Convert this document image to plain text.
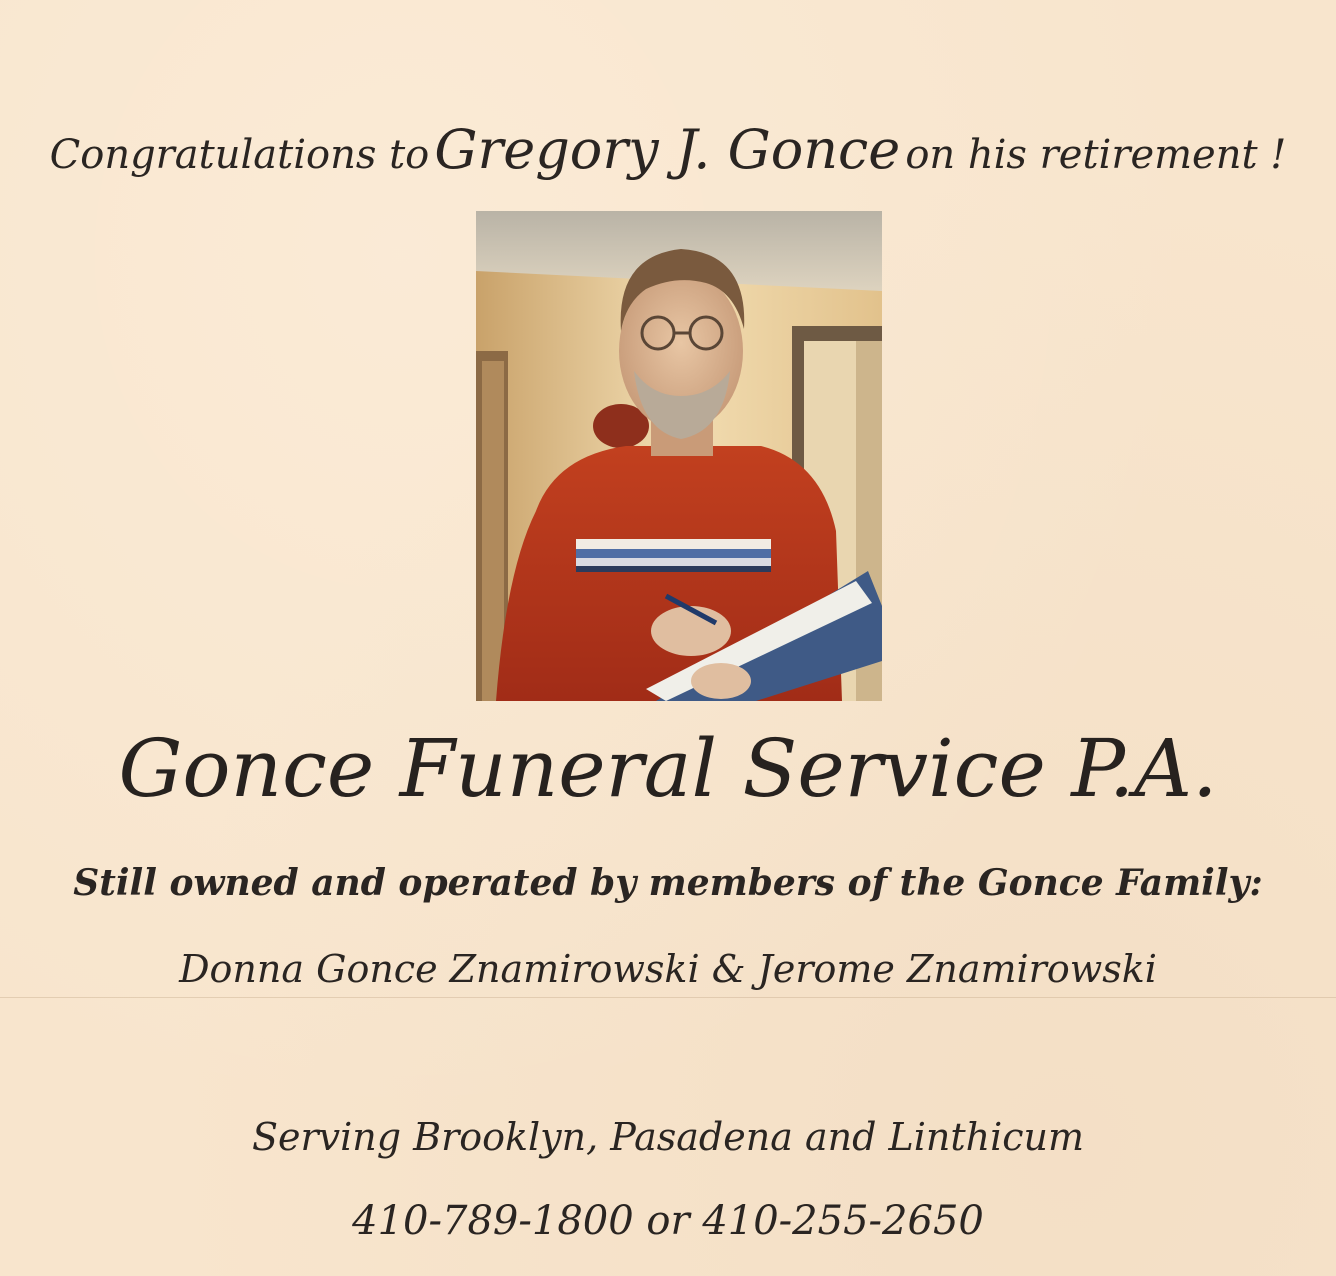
Congratulations to Gregory J. Gonce on his retirement !
Gonce Funeral Service P.A.
Still owned and operated by members of the Gonce Family:
Donna Gonce Znamirowski & Jerome Znamirowski
Serving Brooklyn, Pasadena and Linthicum
410-789-1800 or 410-255-2650
